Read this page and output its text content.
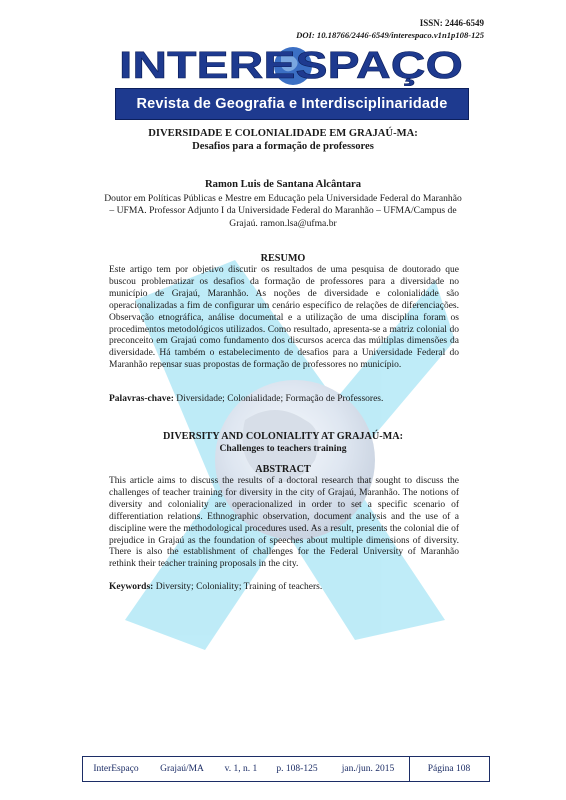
ISSN: 2446-6549
DOI: 10.18766/2446-6549/interespaco.v1n1p108-125
INTERESPAÇO
Revista de Geografia e Interdisciplinaridade
DIVERSIDADE E COLONIALIDADE EM GRAJAÚ-MA:
Desafios para a formação de professores
Ramon Luis de Santana Alcântara
Doutor em Políticas Públicas e Mestre em Educação pela Universidade Federal do Maranhão – UFMA. Professor Adjunto I da Universidade Federal do Maranhão – UFMA/Campus de Grajaú. ramon.lsa@ufma.br
RESUMO
Este artigo tem por objetivo discutir os resultados de uma pesquisa de doutorado que buscou problematizar os desafios da formação de professores para a diversidade no município de Grajaú, Maranhão. As noções de diversidade e colonialidade são operacionalizadas a fim de configurar um cenário específico de relações de diferenciações. Observação etnográfica, análise documental e a utilização de uma disciplina foram os procedimentos metodológicos utilizados. Como resultado, apresenta-se a matriz colonial do preconceito em Grajaú como fundamento dos discursos acerca das múltiplas dimensões da diversidade. Há também o estabelecimento de desafios para a Universidade Federal do Maranhão repensar suas propostas de formação de professores no município.
Palavras-chave: Diversidade; Colonialidade; Formação de Professores.
DIVERSITY AND COLONIALITY AT GRAJAÚ-MA:
Challenges to teachers training
ABSTRACT
This article aims to discuss the results of a doctoral research that sought to discuss the challenges of teacher training for diversity in the city of Grajaú, Maranhão. The notions of diversity and coloniality are operacionalized in order to set a specific scenario of differentiation relations. Ethnographic observation, document analysis and the use of a discipline were the methodological procedures used. As a result, presents the colonial die of prejudice in Grajaú as the foundation of speeches about multiple dimensions of diversity. There is also the establishment of challenges for the Federal University of Maranhão rethink their teacher training proposals in the city.
Keywords: Diversity; Coloniality; Training of teachers.
InterEspaço	Grajaú/MA	v. 1, n. 1	p. 108-125	jan./jun. 2015	Página 108
